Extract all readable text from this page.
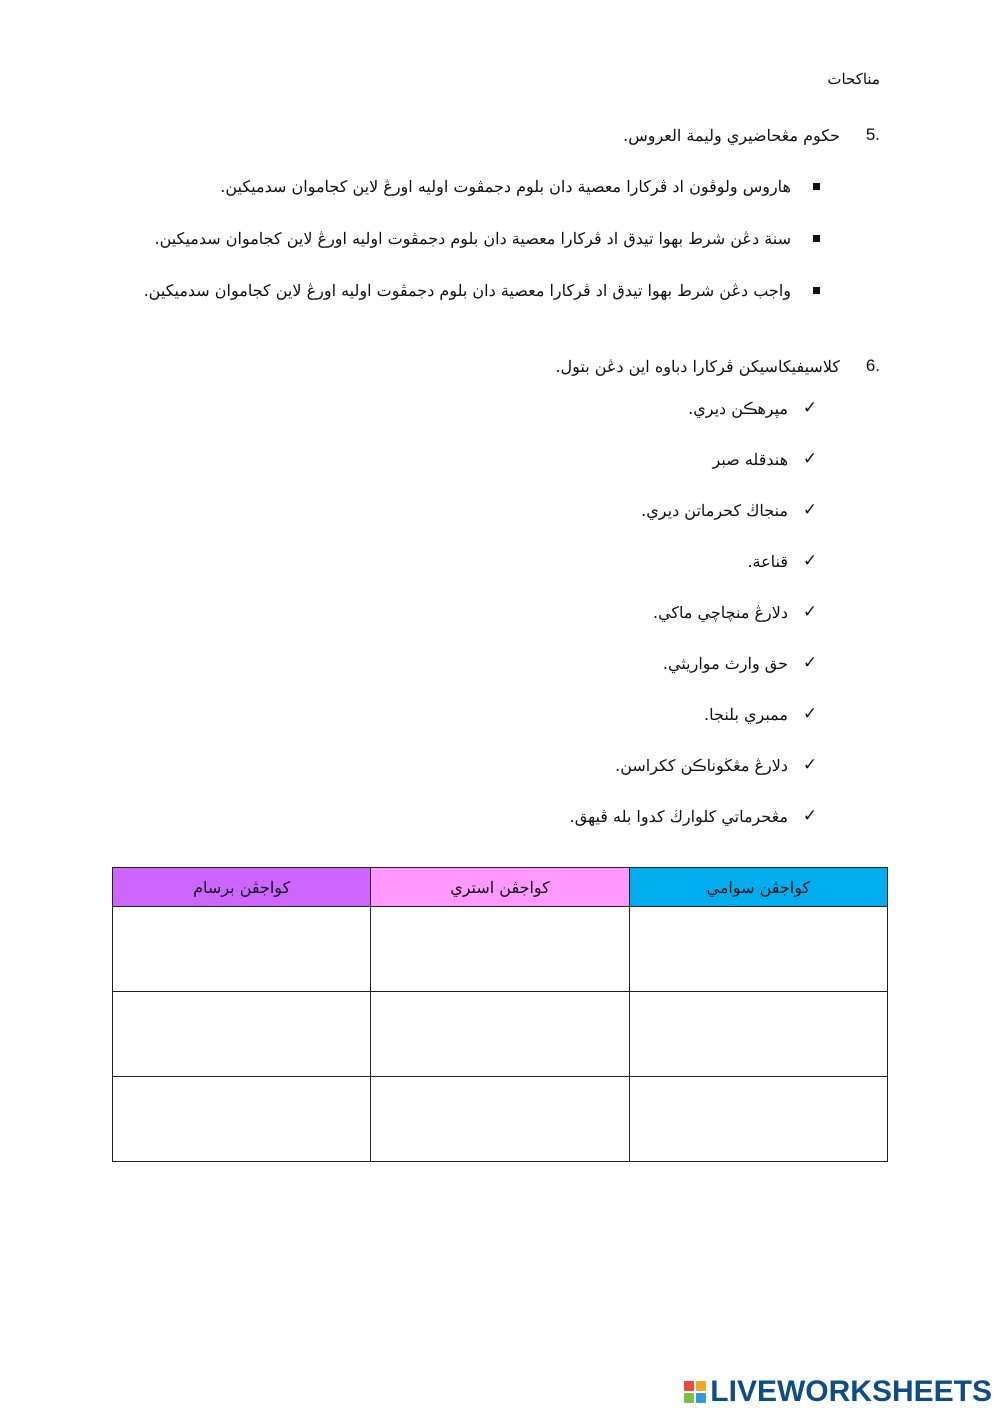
مناكحات
5.
حكوم مڠحاضيري وليمة العروس.
هاروس ولوڤون اد ڤركارا معصية دان بلوم دجمڤوت اوليه اورڠ لاين كجاموان سدميكين.
سنة دڠن شرط بهوا تيدق اد ڤركارا معصية دان بلوم دجمڤوت اوليه اورڠ لاين كجاموان سدميكين.
واجب دڠن شرط بهوا تيدق اد ڤركارا معصية دان بلوم دجمڤوت اوليه اورڠ لاين كجاموان سدميكين.
6.
كلاسيفيكاسيكن ڤركارا دباوه اين دڠن بتول.
✓
مپرهڪن ديري.
✓
هندقله صبر
✓
منجاڬ كحرماتن ديري.
✓
قناعة.
✓
دلارڠ منچاچي ماكي.
✓
حق وارث مواريثي.
✓
ممبري بلنجا.
✓
دلارڠ مڠڬوناڪن ككراسن.
✓
مڠحرماتي كلوارڬ كدوا بله ڤيهق.
كواجڤن برسام	كواجڤن استري	كواجڤن سوامي

LIVEWORKSHEETS
